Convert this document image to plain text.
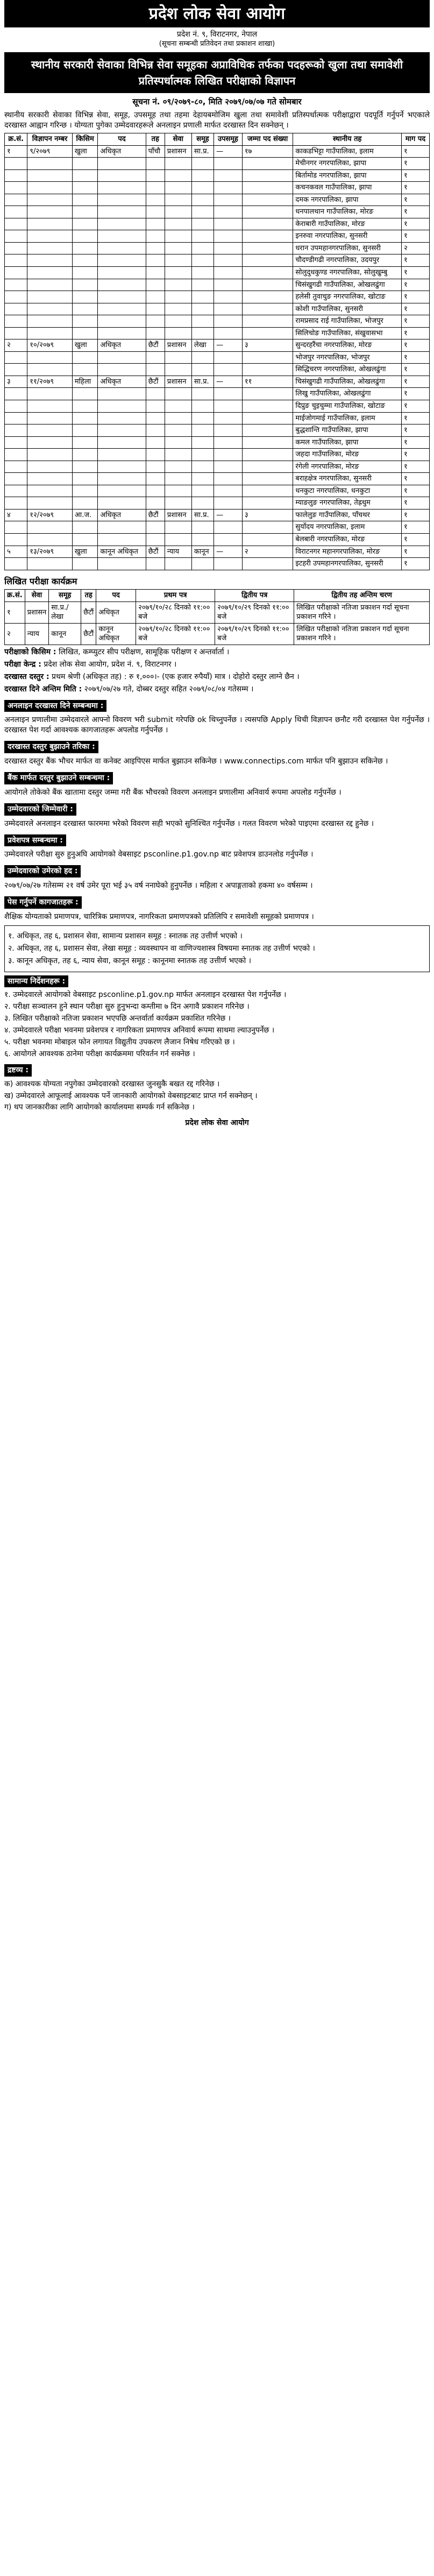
प्रदेश लोक सेवा आयोग
प्रदेश नं. ९, विराटनगर, नेपाल
(सूचना सम्बन्धी प्रतिवेदन तथा प्रकाशन शाखा)
स्थानीय सरकारी सेवाका विभिन्न सेवा समूहका अप्राविधिक तर्फका पदहरूको खुला तथा समावेशी प्रतिस्पर्धात्मक लिखित परीक्षाको विज्ञापन
सूचना नं. ०९/२०७९-८०, मिति २०७९/०७/०७ गते सोमबार

स्थानीय सरकारी सेवाका विभिन्न सेवा, समूह, उपसमूह तथा तहमा देहायबमोजिम खुला तथा समावेशी प्रतिस्पर्धात्मक परीक्षाद्वारा पदपूर्ति गर्नुपर्ने भएकाले दरखास्त आह्वान गरिन्छ । योग्यता पुगेका उम्मेदवारहरूले अनलाइन प्रणाली मार्फत दरखास्त दिन सक्नेछन् ।

क्र.सं.	विज्ञापन नम्बर	किसिम	पद	तह	सेवा	समूह	उपसमूह	जम्मा पद संख्या	स्थानीय तह	माग पद
१	९/२०७९	खुला	अधिकृत	पाँचौ	प्रशासन	सा.प्र.	—	१७	काकडभिट्टा गाउँपालिका, इलाम	१
									मेचीनगर नगरपालिका, झापा	१
									बिर्तामोड नगरपालिका, झापा	१
									कचनकवल गाउँपालिका, झापा	१
									दमक नगरपालिका, झापा	१
									धनपालथान गाउँपालिका, मोरङ	१
									केराबारी गाउँपालिका, मोरङ	१
									इनरुवा नगरपालिका, सुनसरी	१
									धरान उपमहानगरपालिका, सुनसरी	२
									चौदण्डीगढी नगरपालिका, उदयपुर	१
									सोलुदुधकुण्ड नगरपालिका, सोलुखुम्बु	१
									चिसंखुगढी गाउँपालिका, ओखलढुंगा	१
									हलेसी तुवाचुङ नगरपालिका, खोटाङ	१
									कोशी गाउँपालिका, सुनसरी	१
									रामप्रसाद राई गाउँपालिका, भोजपुर	१
									सिलिचोङ गाउँपालिका, संखुवासभा	१
२	१०/२०७९	खुला	अधिकृत	छैटौं	प्रशासन	लेखा	—	३	सुन्दरहरैंचा नगरपालिका, मोरङ	१
									भोजपुर नगरपालिका, भोजपुर	१
									सिद्धिचरण नगरपालिका, ओखलढुंगा	१
३	११/२०७९	महिला	अधिकृत	छैटौं	प्रशासन	सा.प्र.	—	११	चिसंखुगढी गाउँपालिका, ओखलढुंगा	१
									लिखु गाउँपालिका, ओखलढुंगा	१
									दिप्रुङ चुइचुम्मा गाउँपालिका, खोटाङ	१
									माईजोगमाई गाउँपालिका, इलाम	१
									बुद्धशान्ति गाउँपालिका, झापा	१
									कमल गाउँपालिका, झापा	१
									जहदा गाउँपालिका, मोरङ	१
									रंगेली नगरपालिका, मोरङ	१
									बराहक्षेत्र नगरपालिका, सुनसरी	१
									धनकुटा नगरपालिका, धनकुटा	१
									म्याङलुङ नगरपालिका, तेह्रथुम	१
४	१२/२०७९	आ.ज.	अधिकृत	छैटौं	प्रशासन	सा.प्र.	—	३	फालेलुङ गाउँपालिका, पाँचथर	१
									सुर्योदय नगरपालिका, इलाम	१
									बेलबारी नगरपालिका, मोरङ	१
५	१३/२०७९	खुला	कानून अधिकृत	छैटौं	न्याय	कानून	—	२	विराटनगर महानगरपालिका, मोरङ	१
									इटहरी उपमहानगरपालिका, सुनसरी	१
लिखित परीक्षा कार्यक्रम
क्र.सं.	सेवा	समूह	तह	पद	प्रथम पत्र	द्वितीय पत्र	द्वितीय तह अन्तिम चरण
१	प्रशासन	सा.प्र./लेखा	छैटौं	अधिकृत	२०७९/१०/२८ दिनको ११:०० बजे	२०७९/१०/२९ दिनको ११:०० बजे	लिखित परीक्षाको नतिजा प्रकाशन गर्दा सूचना प्रकाशन गरिने ।
२	न्याय	कानून	छैटौं	कानून अधिकृत	२०७९/१०/२८ दिनको ११:०० बजे	२०७९/१०/२९ दिनको ११:०० बजे	लिखित परीक्षाको नतिजा प्रकाशन गर्दा सूचना प्रकाशन गरिने ।

परीक्षाको किसिम : लिखित, कम्प्युटर सीप परीक्षण, सामूहिक परीक्षण र अन्तर्वार्ता ।

परीक्षा केन्द्र : प्रदेश लोक सेवा आयोग, प्रदेश नं. ९, विराटनगर ।

दरखास्त दस्तुर : प्रथम श्रेणी (अधिकृत तह) : रु १,०००।- (एक हजार रुपैयाँ) मात्र । दोहोरो दस्तुर लाग्ने छैन ।

दरखास्त दिने अन्तिम मिति : २०७९/०७/२७ गते, दोब्बर दस्तुर सहित २०७९/०८/०४ गतेसम्म ।

अनलाइन दरखास्त दिने सम्बन्धमा :

अनलाइन प्रणालीमा उम्मेदवारले आफ्नो विवरण भरी submit गरेपछि ok थिच्नुपर्नेछ । त्यसपछि Apply थिची विज्ञापन छनौट गरी दरखास्त पेश गर्नुपर्नेछ । दरखास्त पेश गर्दा आवश्यक कागजातहरू अपलोड गर्नुपर्नेछ ।

दरखास्त दस्तुर बुझाउने तरिका :

दरखास्त दस्तुर बैंक भौचर मार्फत वा कनेक्ट आइपिएस मार्फत बुझाउन सकिनेछ । www.connectips.com मार्फत पनि बुझाउन सकिनेछ ।

बैंक मार्फत दस्तुर बुझाउने सम्बन्धमा :

आयोगले तोकेको बैंक खातामा दस्तुर जम्मा गरी बैंक भौचरको विवरण अनलाइन प्रणालीमा अनिवार्य रूपमा अपलोड गर्नुपर्नेछ ।

उम्मेदवारको जिम्मेवारी :

उम्मेदवारले अनलाइन दरखास्त फारममा भरेको विवरण सही भएको सुनिश्चित गर्नुपर्नेछ । गलत विवरण भरेको पाइएमा दरखास्त रद्द हुनेछ ।

प्रवेशपत्र सम्बन्धमा :

उम्मेदवारले परीक्षा सुरु हुनुअघि आयोगको वेबसाइट psconline.p1.gov.np बाट प्रवेशपत्र डाउनलोड गर्नुपर्नेछ ।

उम्मेदवारको उमेरको हद :

२०७९/०७/२७ गतेसम्म २१ वर्ष उमेर पूरा भई ३५ वर्ष ननाघेको हुनुपर्नेछ । महिला र अपाङ्गताको हकमा ४० वर्षसम्म ।

पेस गर्नुपर्ने कागजातहरू :

शैक्षिक योग्यताको प्रमाणपत्र, चारित्रिक प्रमाणपत्र, नागरिकता प्रमाणपत्रको प्रतिलिपि र समावेशी समूहको प्रमाणपत्र ।

१. अधिकृत, तह ६, प्रशासन सेवा, सामान्य प्रशासन समूह : स्नातक तह उत्तीर्ण भएको ।

२. अधिकृत, तह ६, प्रशासन सेवा, लेखा समूह : व्यवस्थापन वा वाणिज्यशास्त्र विषयमा स्नातक तह उत्तीर्ण भएको ।

३. कानून अधिकृत, तह ६, न्याय सेवा, कानून समूह : कानूनमा स्नातक तह उत्तीर्ण भएको ।

सामान्य निर्देशनहरू :

१. उम्मेदवारले आयोगको वेबसाइट psconline.p1.gov.np मार्फत अनलाइन दरखास्त पेश गर्नुपर्नेछ ।

२. परीक्षा सञ्चालन हुने स्थान परीक्षा सुरु हुनुभन्दा कम्तीमा ७ दिन अगावै प्रकाशन गरिनेछ ।

३. लिखित परीक्षाको नतिजा प्रकाशन भएपछि अन्तर्वार्ता कार्यक्रम प्रकाशित गरिनेछ ।

४. उम्मेदवारले परीक्षा भवनमा प्रवेशपत्र र नागरिकता प्रमाणपत्र अनिवार्य रूपमा साथमा ल्याउनुपर्नेछ ।

५. परीक्षा भवनमा मोबाइल फोन लगायत विद्युतीय उपकरण लैजान निषेध गरिएको छ ।

६. आयोगले आवश्यक ठानेमा परीक्षा कार्यक्रममा परिवर्तन गर्न सक्नेछ ।

द्रष्टव्य :

क) आवश्यक योग्यता नपुगेका उम्मेदवारको दरखास्त जुनसुकै बखत रद्द गरिनेछ ।

ख) उम्मेदवारले आफूलाई आवश्यक पर्ने जानकारी आयोगको वेबसाइटबाट प्राप्त गर्न सक्नेछन् ।

ग) थप जानकारीका लागि आयोगको कार्यालयमा सम्पर्क गर्न सकिनेछ ।

प्रदेश लोक सेवा आयोग
